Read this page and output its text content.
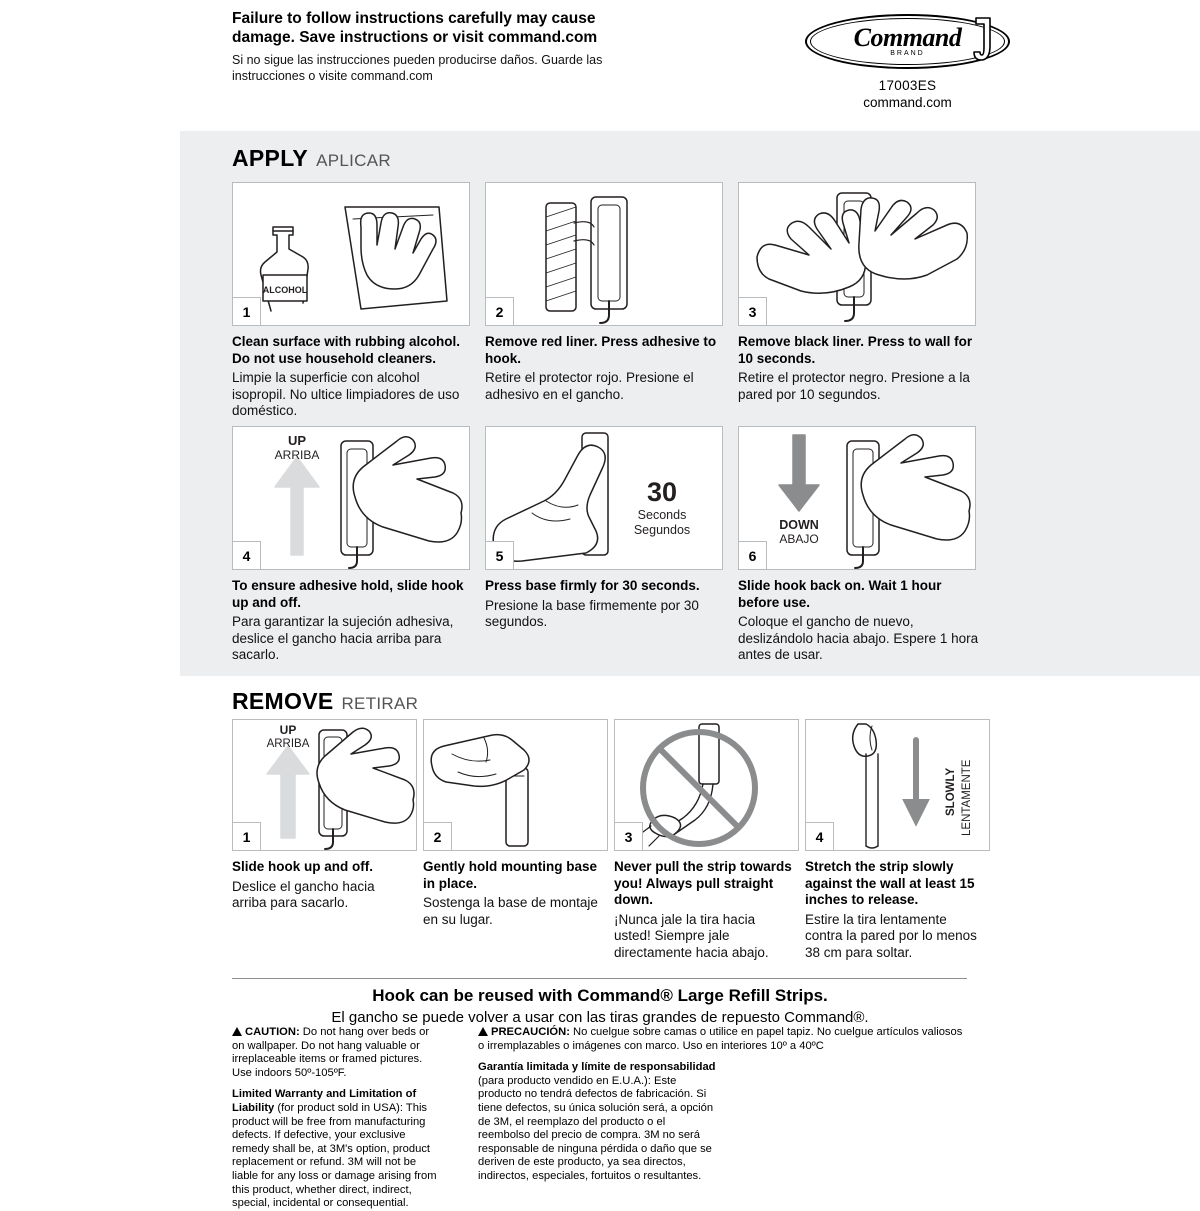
Failure to follow instructions carefully may cause damage. Save instructions or visit command.com
Si no sigue las instrucciones pueden producirse daños. Guarde las instrucciones o visite command.com
Command
BRAND
17003ES
command.com
APPLY APLICAR
ALCOHOL
1
Clean surface with rubbing alcohol. Do not use household cleaners.
Limpie la superficie con alcohol isopropil. No ultice limpiadores de uso doméstico.
2
Remove red liner. Press adhesive to hook.
Retire el protector rojo. Presione el adhesivo en el gancho.
3
Remove black liner. Press to wall for 10 seconds.
Retire el protector negro. Presione a la pared por 10 segundos.
UP
ARRIBA
4
To ensure adhesive hold, slide hook up and off.
Para garantizar la sujeción adhesiva, deslice el gancho hacia arriba para sacarlo.
30
Seconds
Segundos
5
Press base firmly for 30 seconds.
Presione la base firmemente por 30 segundos.
DOWN
ABAJO
6
Slide hook back on. Wait 1 hour before use.
Coloque el gancho de nuevo, deslizándolo hacia abajo. Espere 1 hora antes de usar.
REMOVE RETIRAR
UP
ARRIBA
1
Slide hook up and off.
Deslice el gancho hacia arriba para sacarlo.
2
Gently hold mounting base in place.
Sostenga la base de montaje en su lugar.
3
Never pull the strip towards you! Always pull straight down.
¡Nunca jale la tira hacia usted! Siempre jale directamente hacia abajo.
SLOWLY LENTAMENTE
4
Stretch the strip slowly against the wall at least 15 inches to release.
Estire la tira lentamente contra la pared por lo menos 38 cm para soltar.
Hook can be reused with Command® Large Refill Strips.
El gancho se puede volver a usar con las tiras grandes de repuesto Command®.

CAUTION: Do not hang over beds or on wallpaper. Do not hang valuable or irreplaceable items or framed pictures. Use indoors 50º-105ºF.

Limited Warranty and Limitation of Liability (for product sold in USA): This product will be free from manufacturing defects. If defective, your exclusive remedy shall be, at 3M's option, product replacement or refund. 3M will not be liable for any loss or damage arising from this product, whether direct, indirect, special, incidental or consequential.

PRECAUCIÓN: No cuelgue sobre camas o utilice en papel tapiz. No cuelgue artículos valiosos o irremplazables o imágenes con marco. Uso en interiores 10º a 40ºC

Garantía limitada y límite de responsabilidad (para producto vendido en E.U.A.): Este producto no tendrá defectos de fabricación. Si tiene defectos, su única solución será, a opción de 3M, el reemplazo del producto o el reembolso del precio de compra. 3M no será responsable de ninguna pérdida o daño que se deriven de este producto, ya sea directos, indirectos, especiales, fortuitos o resultantes.
